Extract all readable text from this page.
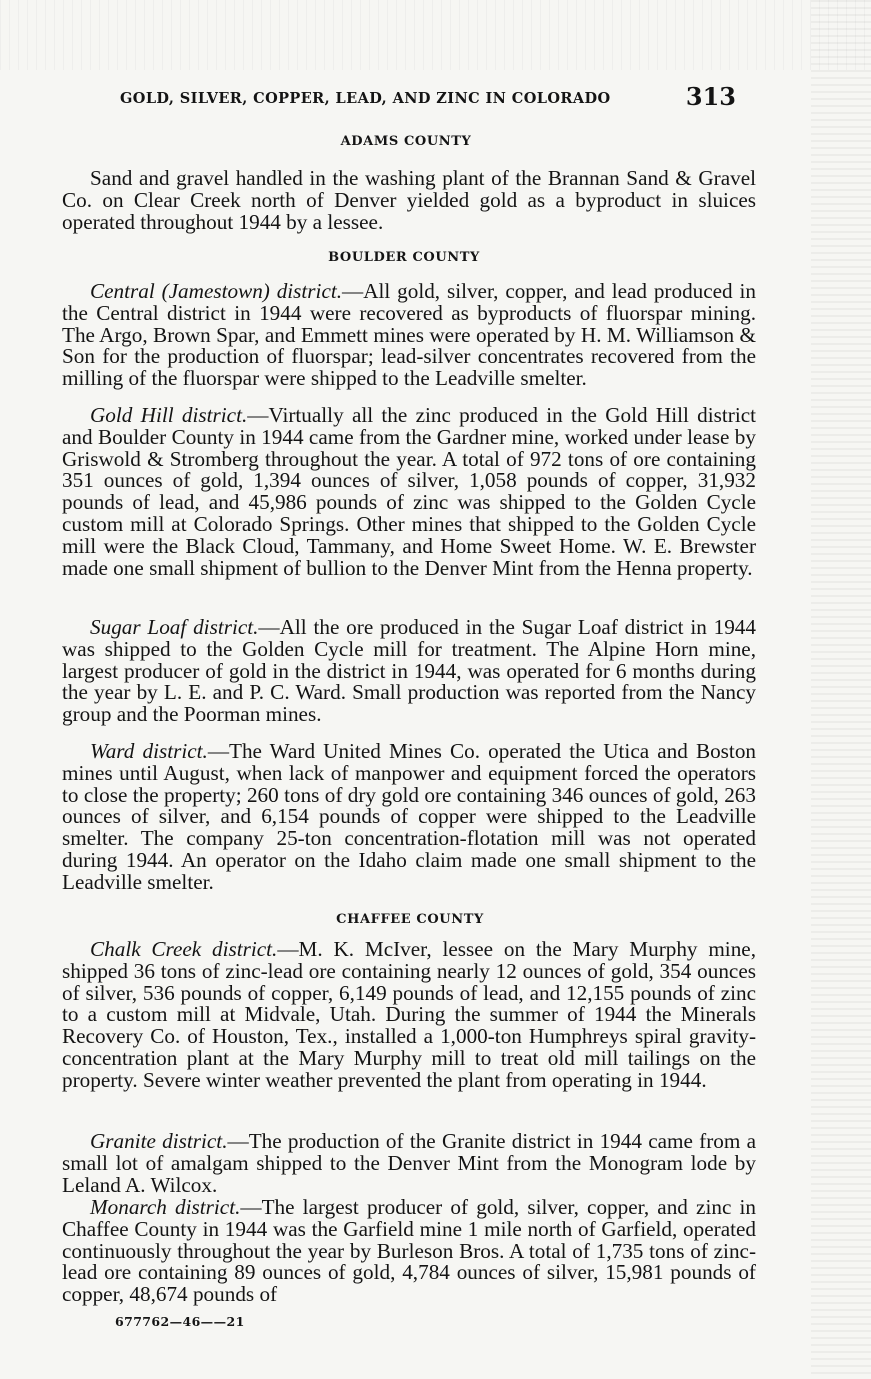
GOLD, SILVER, COPPER, LEAD, AND ZINC IN COLORADO	313
ADAMS COUNTY
Sand and gravel handled in the washing plant of the Brannan Sand & Gravel Co. on Clear Creek north of Denver yielded gold as a byproduct in sluices operated throughout 1944 by a lessee.
BOULDER COUNTY
Central (Jamestown) district.—All gold, silver, copper, and lead produced in the Central district in 1944 were recovered as byproducts of fluorspar mining. The Argo, Brown Spar, and Emmett mines were operated by H. M. Williamson & Son for the production of fluorspar; lead-silver concentrates recovered from the milling of the fluorspar were shipped to the Leadville smelter.
Gold Hill district.—Virtually all the zinc produced in the Gold Hill district and Boulder County in 1944 came from the Gardner mine, worked under lease by Griswold & Stromberg throughout the year. A total of 972 tons of ore containing 351 ounces of gold, 1,394 ounces of silver, 1,058 pounds of copper, 31,932 pounds of lead, and 45,986 pounds of zinc was shipped to the Golden Cycle custom mill at Colorado Springs. Other mines that shipped to the Golden Cycle mill were the Black Cloud, Tammany, and Home Sweet Home. W. E. Brewster made one small shipment of bullion to the Denver Mint from the Henna property.
Sugar Loaf district.—All the ore produced in the Sugar Loaf district in 1944 was shipped to the Golden Cycle mill for treatment. The Alpine Horn mine, largest producer of gold in the district in 1944, was operated for 6 months during the year by L. E. and P. C. Ward. Small production was reported from the Nancy group and the Poorman mines.
Ward district.—The Ward United Mines Co. operated the Utica and Boston mines until August, when lack of manpower and equipment forced the operators to close the property; 260 tons of dry gold ore containing 346 ounces of gold, 263 ounces of silver, and 6,154 pounds of copper were shipped to the Leadville smelter. The company 25-ton concentration-flotation mill was not operated during 1944. An operator on the Idaho claim made one small shipment to the Leadville smelter.
CHAFFEE COUNTY
Chalk Creek district.—M. K. McIver, lessee on the Mary Murphy mine, shipped 36 tons of zinc-lead ore containing nearly 12 ounces of gold, 354 ounces of silver, 536 pounds of copper, 6,149 pounds of lead, and 12,155 pounds of zinc to a custom mill at Midvale, Utah. During the summer of 1944 the Minerals Recovery Co. of Houston, Tex., installed a 1,000-ton Humphreys spiral gravity-concentration plant at the Mary Murphy mill to treat old mill tailings on the property. Severe winter weather prevented the plant from operating in 1944.
Granite district.—The production of the Granite district in 1944 came from a small lot of amalgam shipped to the Denver Mint from the Monogram lode by Leland A. Wilcox.
Monarch district.—The largest producer of gold, silver, copper, and zinc in Chaffee County in 1944 was the Garfield mine 1 mile north of Garfield, operated continuously throughout the year by Burleson Bros. A total of 1,735 tons of zinc-lead ore containing 89 ounces of gold, 4,784 ounces of silver, 15,981 pounds of copper, 48,674 pounds of
677762—46——21
